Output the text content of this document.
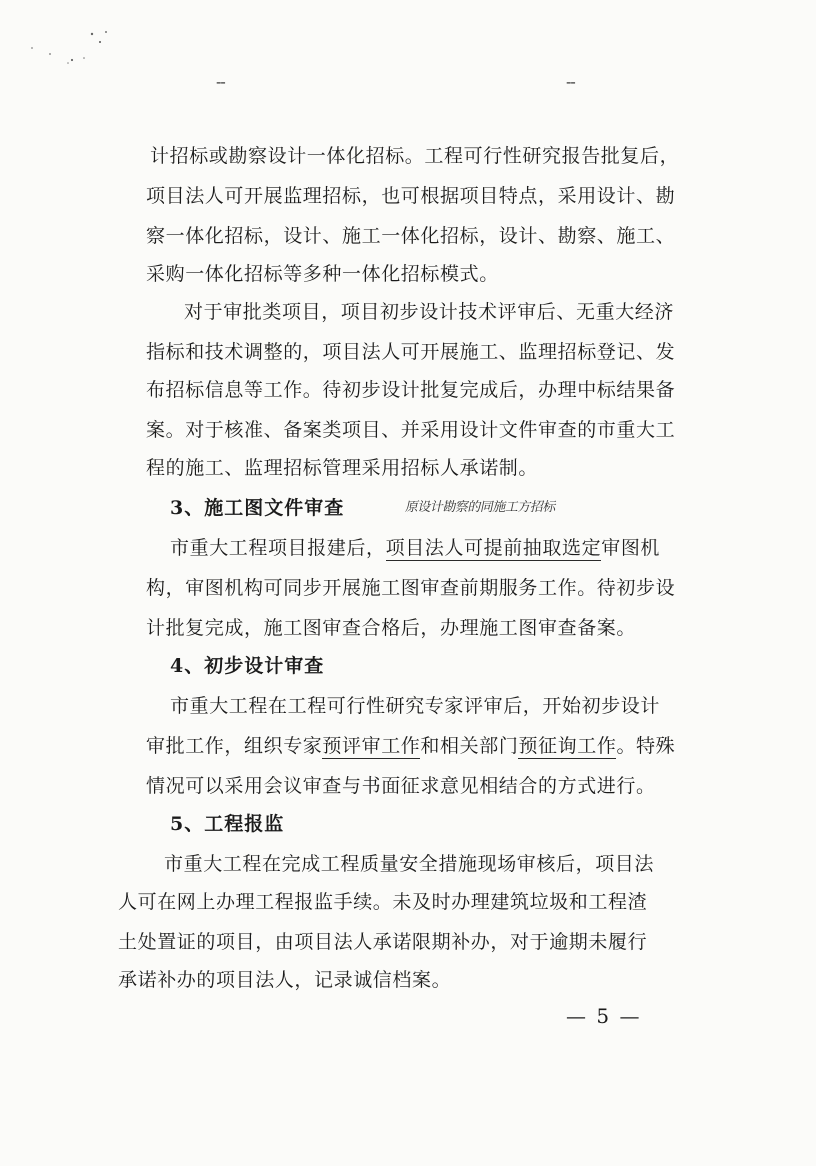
--	--
计招标或勘察设计一体化招标。工程可行性研究报告批复后，
项目法人可开展监理招标，也可根据项目特点，采用设计、勘
察一体化招标，设计、施工一体化招标，设计、勘察、施工、
采购一体化招标等多种一体化招标模式。
对于审批类项目，项目初步设计技术评审后、无重大经济
指标和技术调整的，项目法人可开展施工、监理招标登记、发
布招标信息等工作。待初步设计批复完成后，办理中标结果备
案。对于核准、备案类项目、并采用设计文件审查的市重大工
程的施工、监理招标管理采用招标人承诺制。
3、施工图文件审查	原设计勘察的同施工方招标
市重大工程项目报建后，项目法人可提前抽取选定审图机
构，审图机构可同步开展施工图审查前期服务工作。待初步设
计批复完成，施工图审查合格后，办理施工图审查备案。
4、初步设计审查
市重大工程在工程可行性研究专家评审后，开始初步设计
审批工作，组织专家预评审工作和相关部门预征询工作。特殊
情况可以采用会议审查与书面征求意见相结合的方式进行。
5、工程报监
市重大工程在完成工程质量安全措施现场审核后，项目法
人可在网上办理工程报监手续。未及时办理建筑垃圾和工程渣
土处置证的项目，由项目法人承诺限期补办，对于逾期未履行
承诺补办的项目法人，记录诚信档案。
— 5 —
